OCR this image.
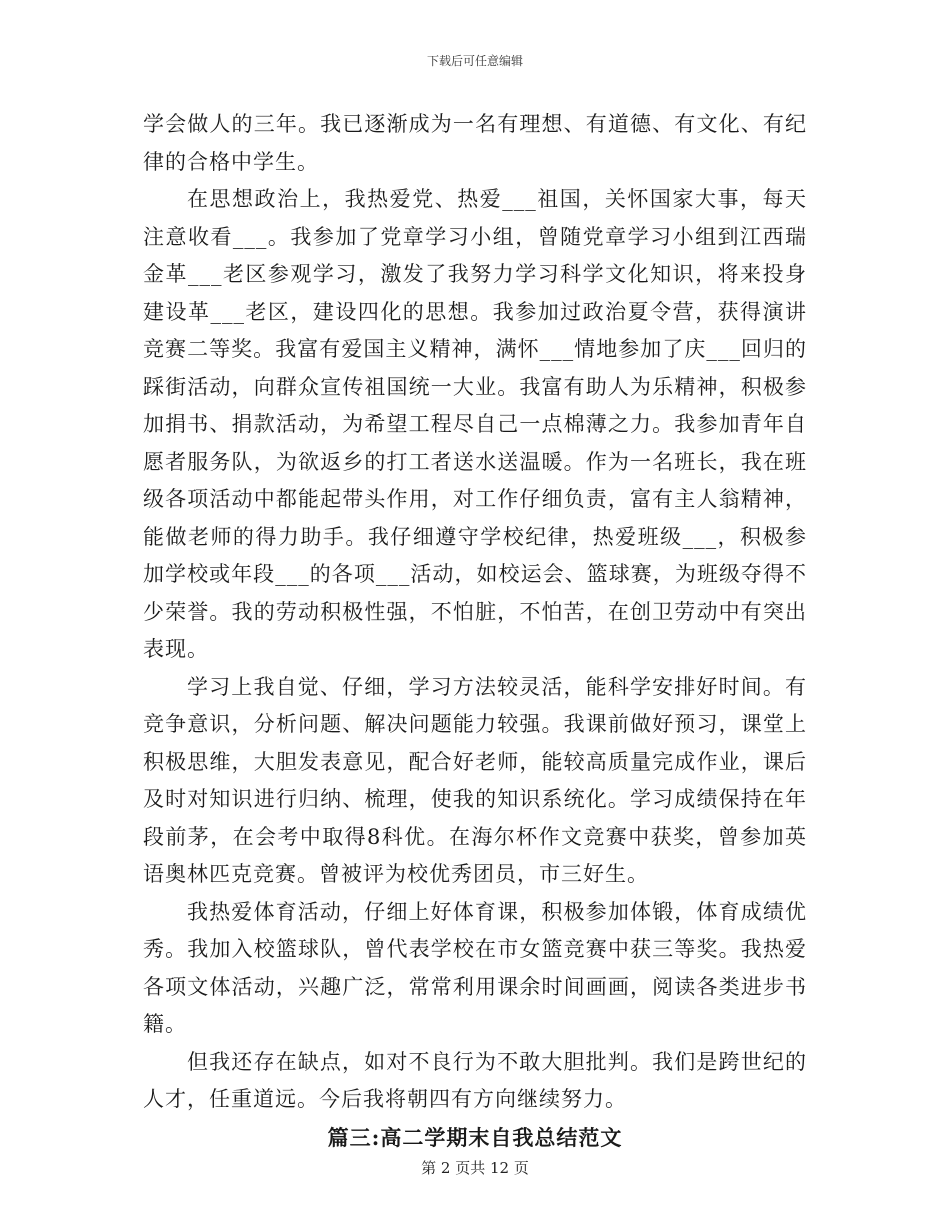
下载后可任意编辑

学会做人的三年。我已逐渐成为一名有理想、有道德、有文化、有纪律的合格中学生。

在思想政治上，我热爱党、热爱___祖国，关怀国家大事，每天注意收看___。我参加了党章学习小组，曾随党章学习小组到江西瑞金革___老区参观学习，激发了我努力学习科学文化知识，将来投身建设革___老区，建设四化的思想。我参加过政治夏令营，获得演讲竞赛二等奖。我富有爱国主义精神，满怀___情地参加了庆___回归的踩街活动，向群众宣传祖国统一大业。我富有助人为乐精神，积极参加捐书、捐款活动，为希望工程尽自己一点棉薄之力。我参加青年自愿者服务队，为欲返乡的打工者送水送温暖。作为一名班长，我在班级各项活动中都能起带头作用，对工作仔细负责，富有主人翁精神，能做老师的得力助手。我仔细遵守学校纪律，热爱班级___，积极参加学校或年段___的各项___活动，如校运会、篮球赛，为班级夺得不少荣誉。我的劳动积极性强，不怕脏，不怕苦，在创卫劳动中有突出表现。

学习上我自觉、仔细，学习方法较灵活，能科学安排好时间。有竞争意识，分析问题、解决问题能力较强。我课前做好预习，课堂上积极思维，大胆发表意见，配合好老师，能较高质量完成作业，课后及时对知识进行归纳、梳理，使我的知识系统化。学习成绩保持在年段前茅，在会考中取得8科优。在海尔杯作文竞赛中获奖，曾参加英语奥林匹克竞赛。曾被评为校优秀团员，市三好生。

我热爱体育活动，仔细上好体育课，积极参加体锻，体育成绩优秀。我加入校篮球队，曾代表学校在市女篮竞赛中获三等奖。我热爱各项文体活动，兴趣广泛，常常利用课余时间画画，阅读各类进步书籍。

但我还存在缺点，如对不良行为不敢大胆批判。我们是跨世纪的人才，任重道远。今后我将朝四有方向继续努力。

篇三:高二学期末自我总结范文

第 2 页共 12 页
